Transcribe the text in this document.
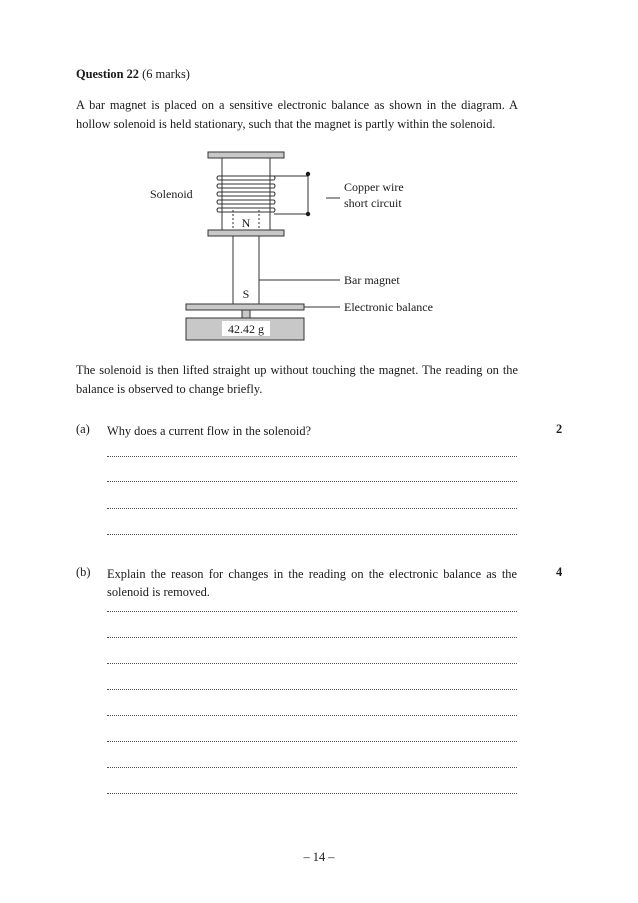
Question 22 (6 marks)
A bar magnet is placed on a sensitive electronic balance as shown in the diagram. A hollow solenoid is held stationary, such that the magnet is partly within the solenoid.
N
S
42.42 g
Solenoid	Copper wire
short circuit
Bar magnet
Electronic balance
The solenoid is then lifted straight up without touching the magnet. The reading on the balance is observed to change briefly.
(a) Why does a current flow in the solenoid?	2
(b) Explain the reason for changes in the reading on the electronic balance as the solenoid is removed.
4
– 14 –
